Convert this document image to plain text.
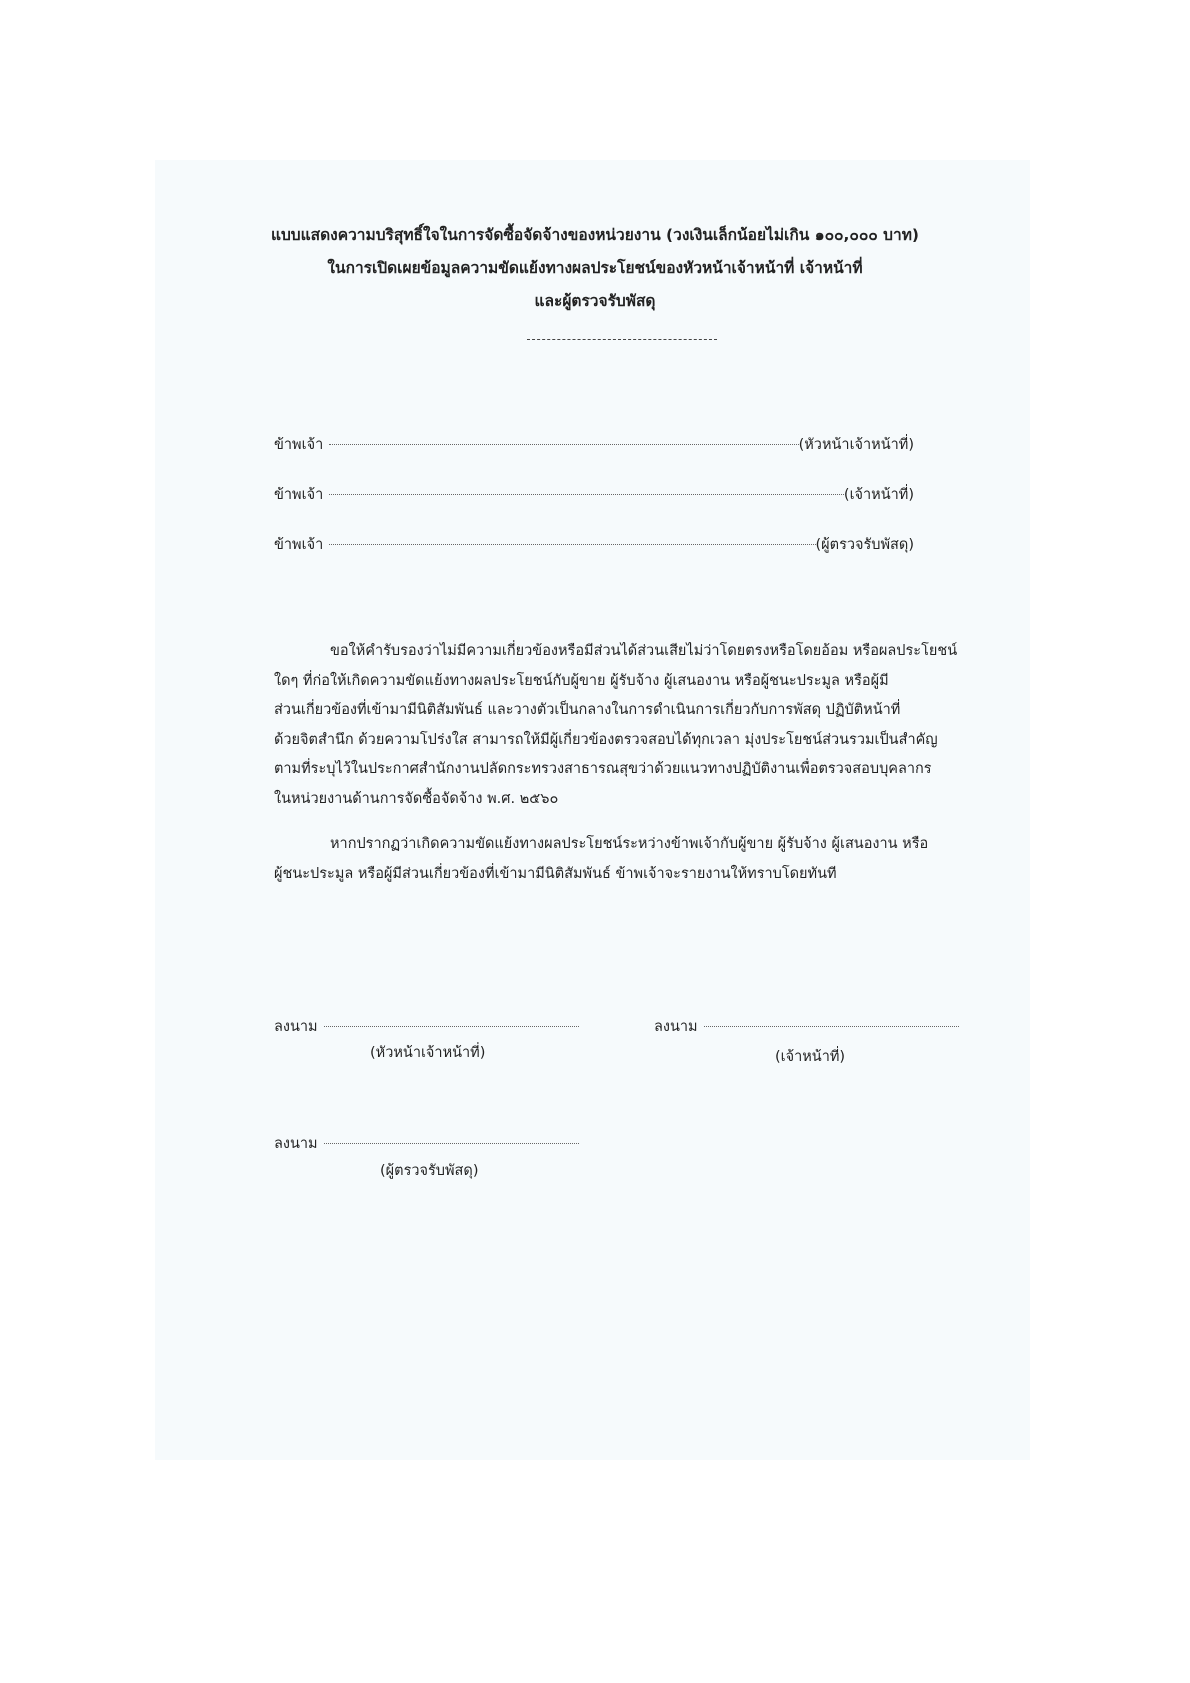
แบบแสดงความบริสุทธิ์ใจในการจัดซื้อจัดจ้างของหน่วยงาน (วงเงินเล็กน้อยไม่เกิน ๑๐๐,๐๐๐ บาท)
ในการเปิดเผยข้อมูลความขัดแย้งทางผลประโยชน์ของหัวหน้าเจ้าหน้าที่ เจ้าหน้าที่
และผู้ตรวจรับพัสดุ
ข้าพเจ้า	(หัวหน้าเจ้าหน้าที่)
ข้าพเจ้า	(เจ้าหน้าที่)
ข้าพเจ้า	(ผู้ตรวจรับพัสดุ)
ขอให้คำรับรองว่าไม่มีความเกี่ยวข้องหรือมีส่วนได้ส่วนเสียไม่ว่าโดยตรงหรือโดยอ้อม หรือผลประโยชน์
ใดๆ ที่ก่อให้เกิดความขัดแย้งทางผลประโยชน์กับผู้ขาย ผู้รับจ้าง ผู้เสนองาน หรือผู้ชนะประมูล หรือผู้มี
ส่วนเกี่ยวข้องที่เข้ามามีนิติสัมพันธ์ และวางตัวเป็นกลางในการดำเนินการเกี่ยวกับการพัสดุ ปฏิบัติหน้าที่
ด้วยจิตสำนึก ด้วยความโปร่งใส สามารถให้มีผู้เกี่ยวข้องตรวจสอบได้ทุกเวลา มุ่งประโยชน์ส่วนรวมเป็นสำคัญ
ตามที่ระบุไว้ในประกาศสำนักงานปลัดกระทรวงสาธารณสุขว่าด้วยแนวทางปฏิบัติงานเพื่อตรวจสอบบุคลากร
ในหน่วยงานด้านการจัดซื้อจัดจ้าง พ.ศ. ๒๕๖๐
หากปรากฏว่าเกิดความขัดแย้งทางผลประโยชน์ระหว่างข้าพเจ้ากับผู้ขาย ผู้รับจ้าง ผู้เสนองาน หรือ
ผู้ชนะประมูล หรือผู้มีส่วนเกี่ยวข้องที่เข้ามามีนิติสัมพันธ์ ข้าพเจ้าจะรายงานให้ทราบโดยทันที
ลงนาม
(หัวหน้าเจ้าหน้าที่)
ลงนาม
(เจ้าหน้าที่)
ลงนาม
(ผู้ตรวจรับพัสดุ)
